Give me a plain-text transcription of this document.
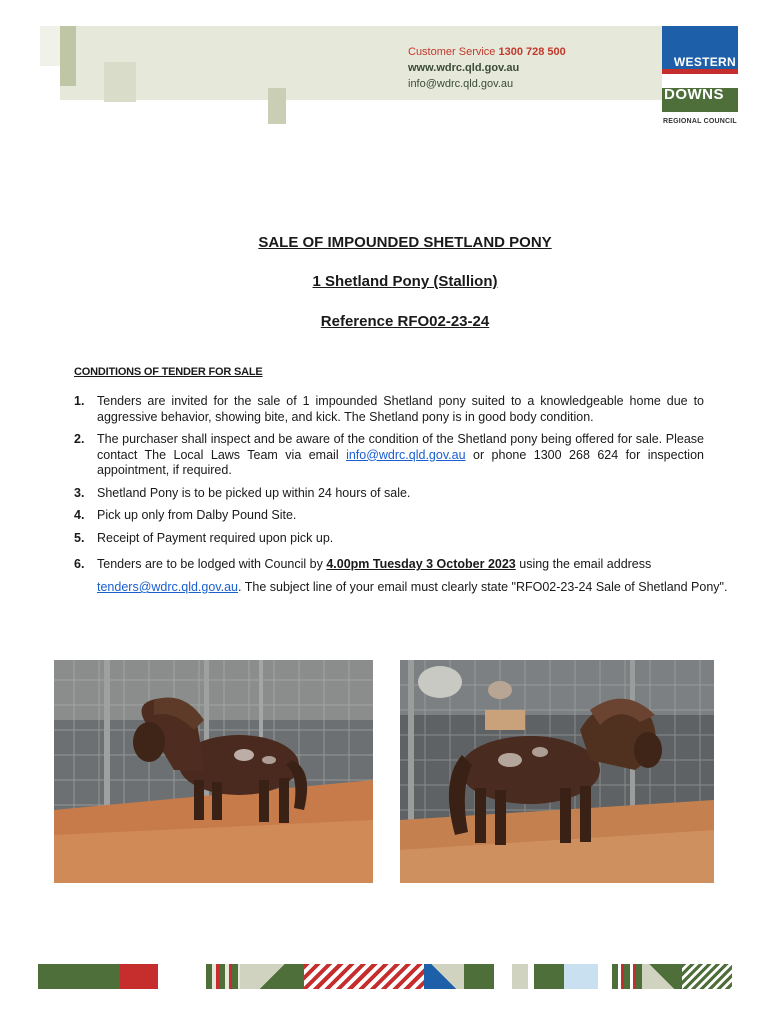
Customer Service 1300 728 500
www.wdrc.qld.gov.au
info@wdrc.qld.gov.au
WESTERN
DOWNS
REGIONAL COUNCIL
SALE OF IMPOUNDED SHETLAND PONY
1 Shetland Pony (Stallion)
Reference RFO02-23-24
CONDITIONS OF TENDER FOR SALE
1. Tenders are invited for the sale of 1 impounded Shetland pony suited to a knowledgeable home due to aggressive behavior, showing bite, and kick. The Shetland pony is in good body condition.
2. The purchaser shall inspect and be aware of the condition of the Shetland pony being offered for sale. Please contact The Local Laws Team via email info@wdrc.qld.gov.au or phone 1300 268 624 for inspection appointment, if required.
3. Shetland Pony is to be picked up within 24 hours of sale.
4. Pick up only from Dalby Pound Site.
5. Receipt of Payment required upon pick up.
6. Tenders are to be lodged with Council by 4.00pm Tuesday 3 October 2023 using the email address
tenders@wdrc.qld.gov.au. The subject line of your email must clearly state "RFO02-23-24 Sale of Shetland Pony".
